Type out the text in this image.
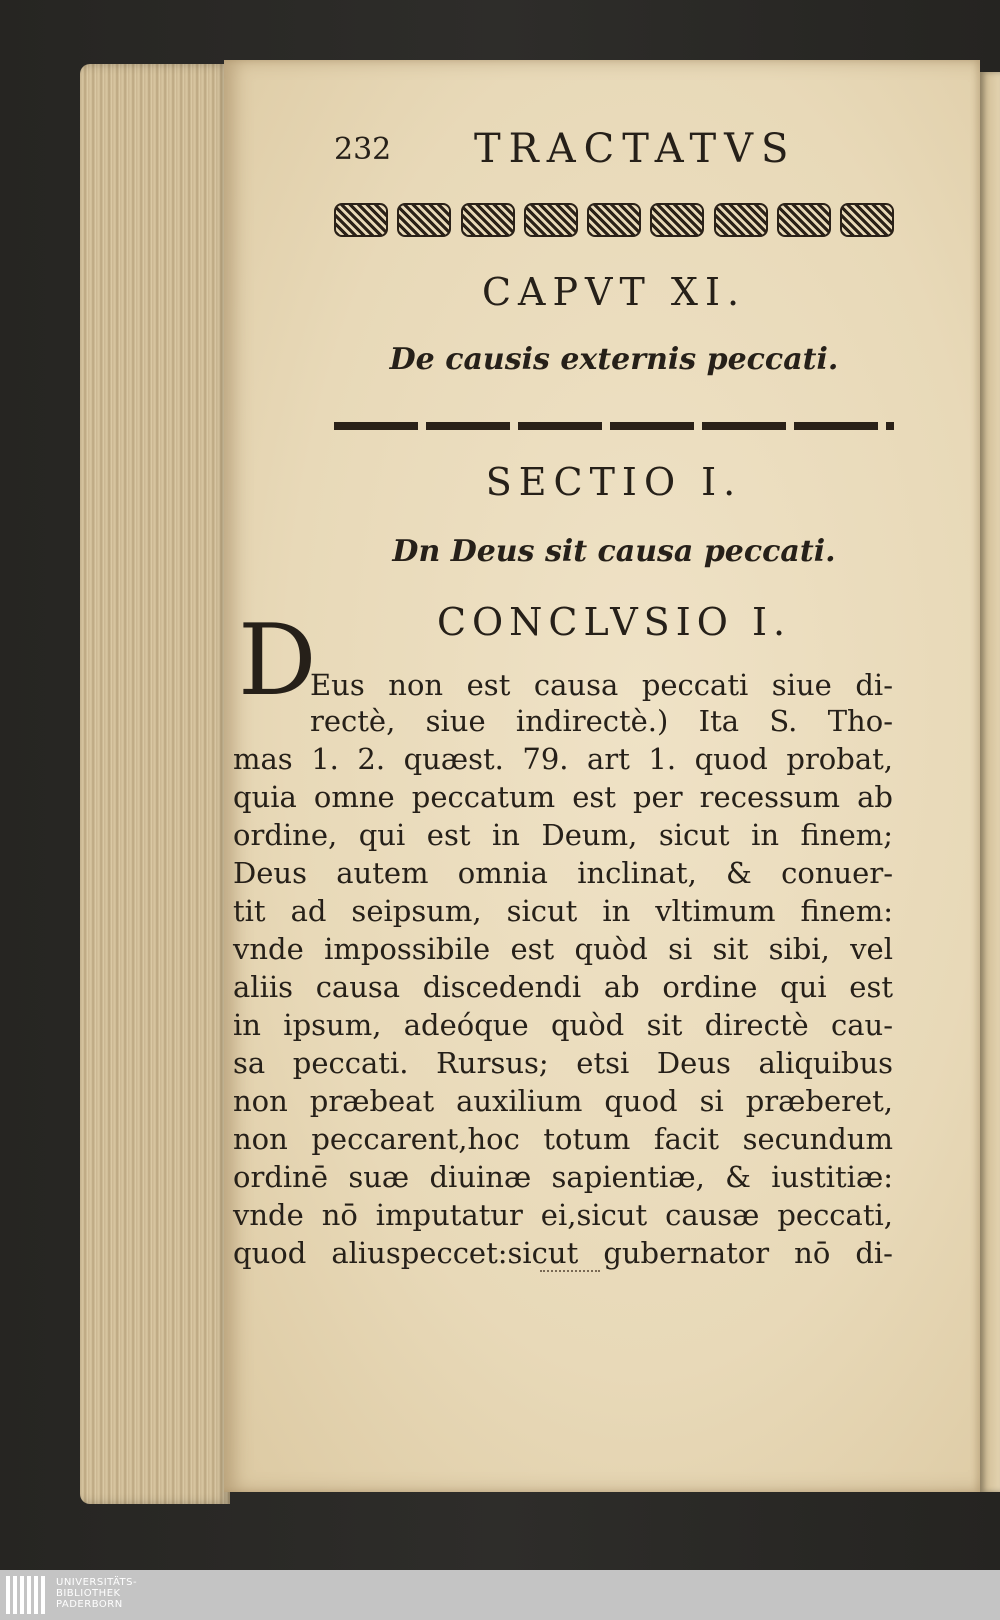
232 TRACTATVS
CAPVT XI.
De causis externis peccati.
SECTIO I.
Dn Deus sit causa peccati.
CONCLVSIO I.
D
Eus non est causa peccati siue di-
rectè, siue indirectè.) Ita S. Tho-
mas 1. 2. quæst. 79. art 1. quod probat,
quia omne peccatum est per recessum ab
ordine, qui est in Deum, sicut in finem;
Deus autem omnia inclinat, & conuer-
tit ad seipsum, sicut in vltimum finem:
vnde impossibile est quòd si sit sibi, vel
aliis causa discedendi ab ordine qui est
in ipsum, adeóque quòd sit directè cau-
sa peccati. Rursus; etsi Deus aliquibus
non præbeat auxilium quod si præberet,
non peccarent,hoc totum facit secundum
ordinē suæ diuinæ sapientiæ, & iustitiæ:
vnde nō imputatur ei,sicut causæ peccati,
quod aliuspeccet:sicut gubernator nō di-
UNIVERSITÄTS-
BIBLIOTHEK
PADERBORN
